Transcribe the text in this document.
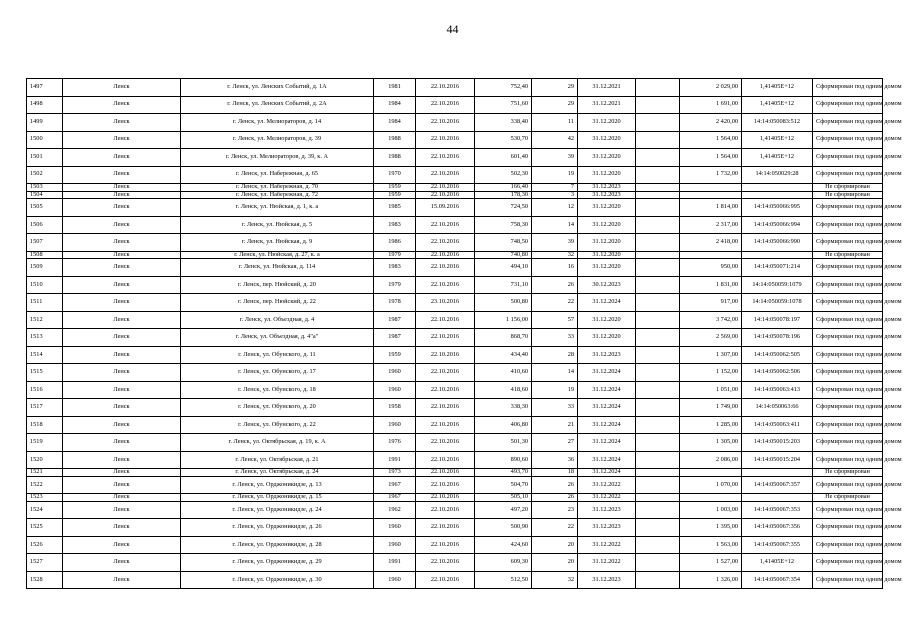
44
1497	Ленск	г. Ленск, ул. Ленских Событий, д. 1А	1981	22.10.2016	752,40	29	31.12.2021		2 029,00	1,41405E+12	Сформирован под одним домом
1498	Ленск	г. Ленск, ул. Ленских Событий, д. 2А	1984	22.10.2016	751,60	29	31.12.2021		1 691,00	1,41405E+12	Сформирован под одним домом
1499	Ленск	г. Ленск, ул. Мелиораторов, д. 14	1984	22.10.2016	338,40	11	31.12.2020		2 420,00	14:14:050083:512	Сформирован под одним домом
1500	Ленск	г. Ленск, ул. Мелиораторов, д. 39	1988	22.10.2016	530,70	42	31.12.2020		1 564,00	1,41405E+12	Сформирован под одним домом
1501	Ленск	г. Ленск, ул. Мелиораторов, д. 39, к. А	1988	22.10.2016	601,40	39	31.12.2020		1 564,00	1,41405E+12	Сформирован под одним домом
1502	Ленск	г. Ленск, ул. Набережная, д. 65	1970	22.10.2016	502,30	19	31.12.2020		1 732,00	14:14:050029:28	Сформирован под одним домом
1503	Ленск	г. Ленск, ул. Набережная, д. 70	1959	22.10.2016	166,40	7	31.12.2023				Не сформирован
1504	Ленск	г. Ленск, ул. Набережная, д. 72	1959	22.10.2016	178,30	3	31.12.2023				Не сформирован
1505	Ленск	г. Ленск, ул. Нюйская, д. 1, к. а	1985	15.09.2016	724,50	12	31.12.2020		1 814,00	14:14:050066:995	Сформирован под одним домом
1506	Ленск	г. Ленск, ул. Нюйская, д. 5	1983	22.10.2016	758,30	14	31.12.2020		2 317,00	14:14:050066:994	Сформирован под одним домом
1507	Ленск	г. Ленск, ул. Нюйская, д. 9	1986	22.10.2016	748,50	39	31.12.2020		2 418,00	14:14:050066:990	Сформирован под одним домом
1508	Ленск	г. Ленск, ул. Нюйская, д. 27, к. а	1979	22.10.2016	740,80	32	31.12.2020				Не сформирован
1509	Ленск	г. Ленск, ул. Нюйская, д. 114	1983	22.10.2016	494,10	16	31.12.2020		950,00	14:14:050071:214	Сформирован под одним домом
1510	Ленск	г. Ленск, пер. Нюйский, д. 20	1979	22.10.2016	731,10	26	30.12.2023		1 831,00	14:14:050059:1079	Сформирован под одним домом
1511	Ленск	г. Ленск, пер. Нюйский, д. 22	1978	23.10.2016	500,80	22	31.12.2024		917,00	14:14:050059:1078	Сформирован под одним домом
1512	Ленск	г. Ленск, ул. Объездная, д. 4	1987	22.10.2016	1 156,00	57	31.12.2020		3 742,00	14:14:050078:197	Сформирован под одним домом
1513	Ленск	г. Ленск, ул. Объездная, д. 4"а"	1987	22.10.2016	868,70	33	31.12.2020		2 569,00	14:14:050078:196	Сформирован под одним домом
1514	Ленск	г. Ленск, ул. Обунского, д. 11	1959	22.10.2016	434,40	28	31.12.2023		1 307,00	14:14:050062:505	Сформирован под одним домом
1515	Ленск	г. Ленск, ул. Обунского, д. 17	1960	22.10.2016	410,60	14	31.12.2024		1 152,00	14:14:050062:506	Сформирован под одним домом
1516	Ленск	г. Ленск, ул. Обунского, д. 18	1960	22.10.2016	418,60	19	31.12.2024		1 051,00	14:14:050063:413	Сформирован под одним домом
1517	Ленск	г. Ленск, ул. Обунского, д. 20	1958	22.10.2016	338,30	33	31.12.2024		1 749,00	14:14:050063:66	Сформирован под одним домом
1518	Ленск	г. Ленск, ул. Обунского, д. 22	1960	22.10.2016	406,80	21	31.12.2024		1 285,00	14:14:050063:411	Сформирован под одним домом
1519	Ленск	г. Ленск, ул. Октябрьская, д. 19, к. А	1976	22.10.2016	501,30	27	31.12.2024		1 305,00	14:14:050015:203	Сформирован под одним домом
1520	Ленск	г. Ленск, ул. Октябрьская, д. 21	1991	22.10.2016	890,60	36	31.12.2024		2 086,00	14:14:050015:204	Сформирован под одним домом
1521	Ленск	г. Ленск, ул. Октябрьская, д. 24	1973	22.10.2016	493,70	18	31.12.2024				Не сформирован
1522	Ленск	г. Ленск, ул. Орджоникидзе, д. 13	1967	22.10.2016	504,70	26	31.12.2022		1 070,00	14:14:050067:357	Сформирован под одним домом
1523	Ленск	г. Ленск, ул. Орджоникидзе, д. 15	1967	22.10.2016	505,10	26	31.12.2022				Не сформирован
1524	Ленск	г. Ленск, ул. Орджоникидзе, д. 24	1962	22.10.2016	497,20	23	31.12.2023		1 003,00	14:14:050067:353	Сформирован под одним домом
1525	Ленск	г. Ленск, ул. Орджоникидзе, д. 26	1960	22.10.2016	500,90	22	31.12.2023		1 395,00	14:14:050067:356	Сформирован под одним домом
1526	Ленск	г. Ленск, ул. Орджоникидзе, д. 28	1960	22.10.2016	424,60	20	31.12.2022		1 563,00	14:14:050067:355	Сформирован под одним домом
1527	Ленск	г. Ленск, ул. Орджоникидзе, д. 29	1991	22.10.2016	609,30	20	31.12.2022		1 527,00	1,41405E+12	Сформирован под одним домом
1528	Ленск	г. Ленск, ул. Орджоникидзе, д. 30	1960	22.10.2016	512,50	32	31.12.2023		1 326,00	14:14:050067:354	Сформирован под одним домом
